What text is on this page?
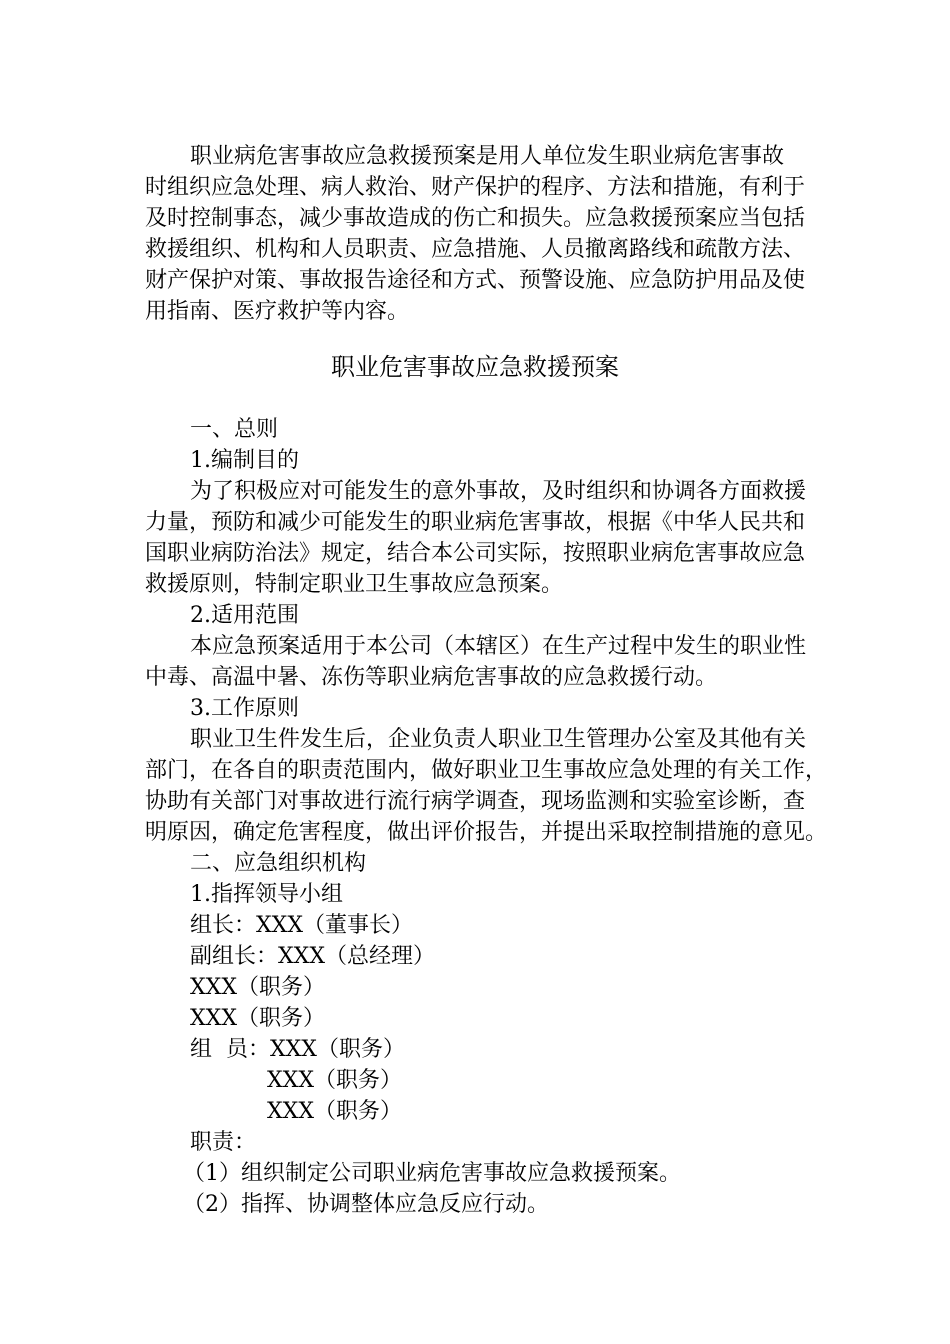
职业病危害事故应急救援预案是用人单位发生职业病危害事故
时组织应急处理、病人救治、财产保护的程序、方法和措施，有利于
及时控制事态，减少事故造成的伤亡和损失。应急救援预案应当包括
救援组织、机构和人员职责、应急措施、人员撤离路线和疏散方法、
财产保护对策、事故报告途径和方式、预警设施、应急防护用品及使
用指南、医疗救护等内容。
职业危害事故应急救援预案
一、总则
1.编制目的
为了积极应对可能发生的意外事故，及时组织和协调各方面救援
力量，预防和减少可能发生的职业病危害事故，根据《中华人民共和
国职业病防治法》规定，结合本公司实际，按照职业病危害事故应急
救援原则，特制定职业卫生事故应急预案。
2.适用范围
本应急预案适用于本公司（本辖区）在生产过程中发生的职业性
中毒、高温中暑、冻伤等职业病危害事故的应急救援行动。
3.工作原则
职业卫生件发生后，企业负责人职业卫生管理办公室及其他有关
部门，在各自的职责范围内，做好职业卫生事故应急处理的有关工作，
协助有关部门对事故进行流行病学调查，现场监测和实验室诊断，查
明原因，确定危害程度，做出评价报告，并提出采取控制措施的意见。
二、应急组织机构
1.指挥领导小组
组长：XXX（董事长）
副组长：XXX（总经理）
XXX（职务）
XXX（职务）
组  员：XXX（职务）
XXX（职务）
XXX（职务）
职责：
（1）组织制定公司职业病危害事故应急救援预案。
（2）指挥、协调整体应急反应行动。
